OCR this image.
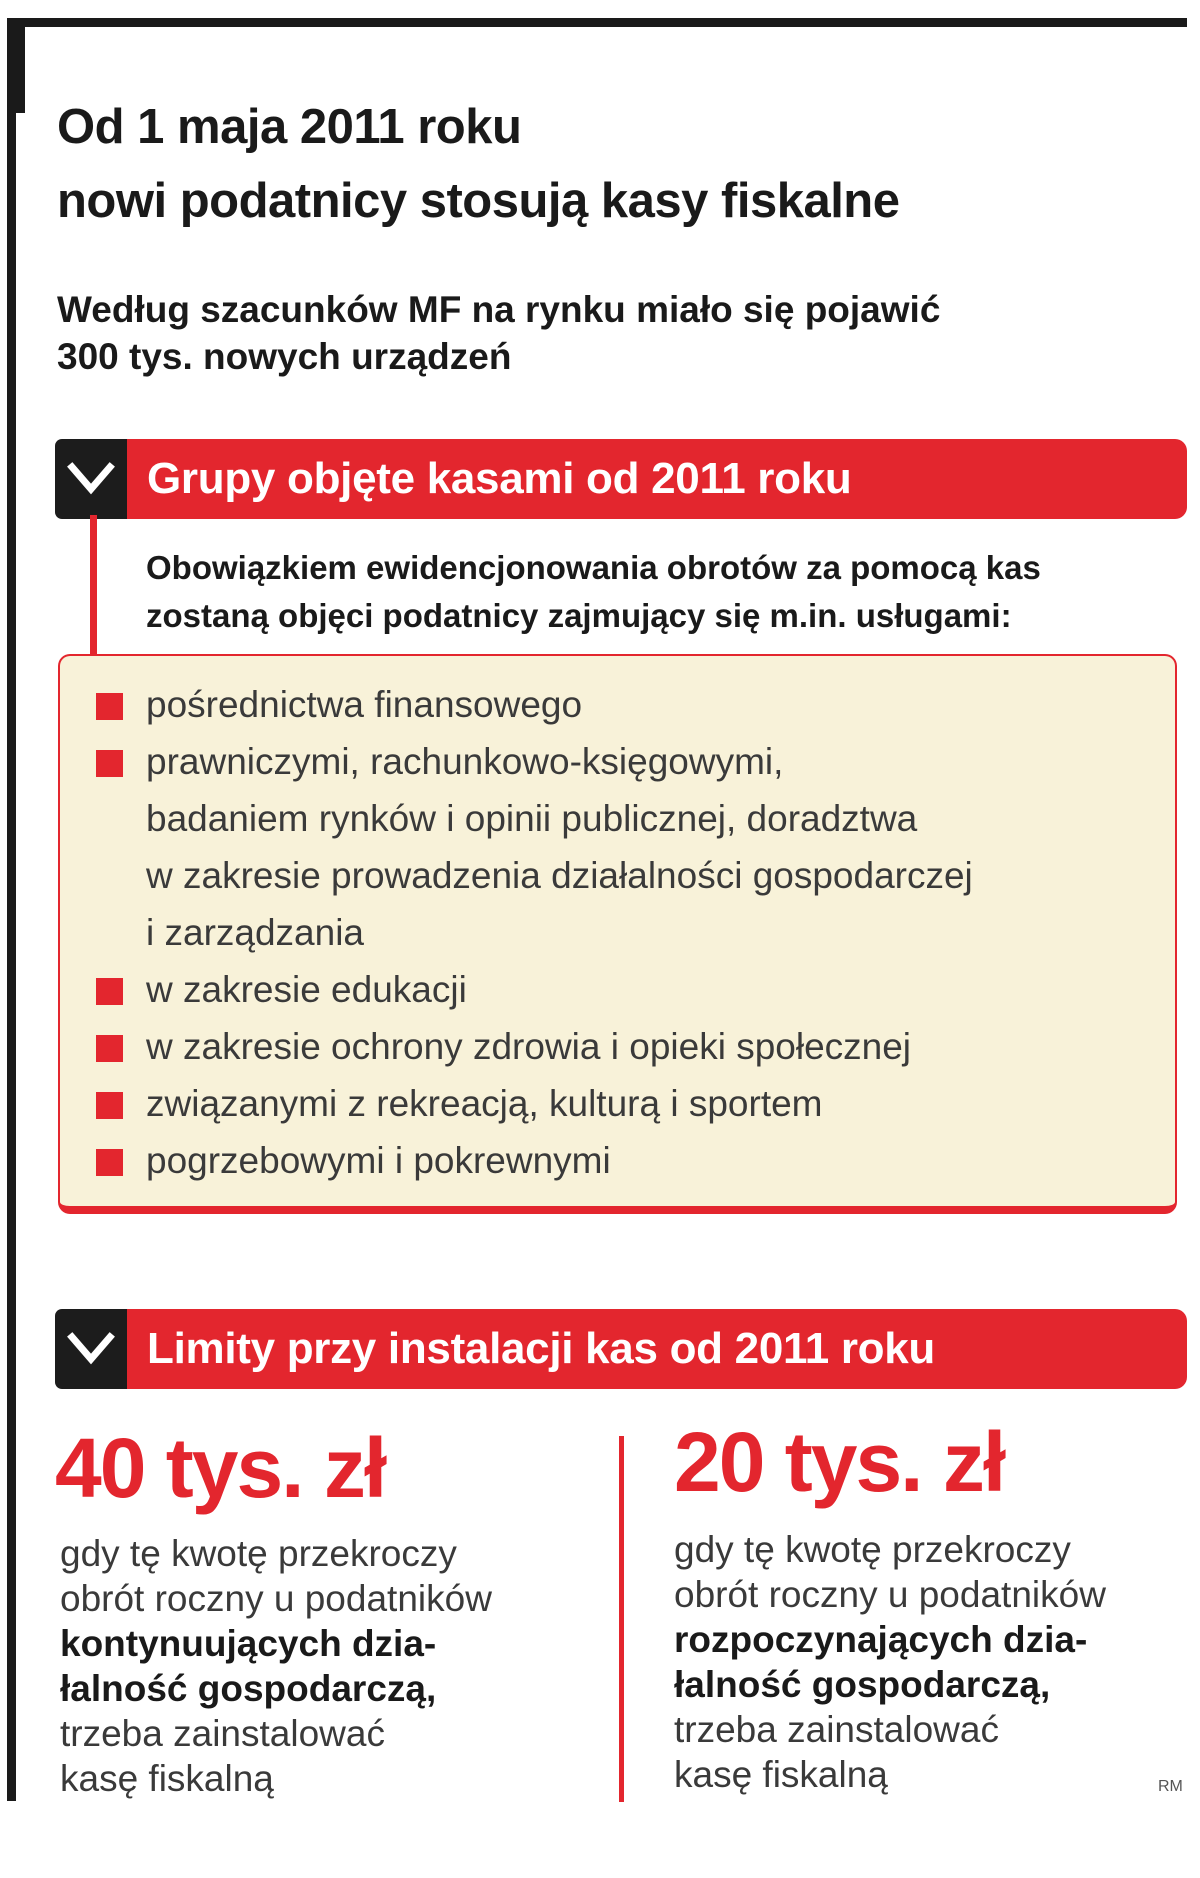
Od 1 maja 2011 roku
nowi podatnicy stosują kasy fiskalne

Według szacunków MF na rynku miało się pojawić
300 tys. nowych urządzeń

Grupy objęte kasami od 2011 roku

Obowiązkiem ewidencjonowania obrotów za pomocą kas
zostaną objęci podatnicy zajmujący się m.in. usługami:

pośrednictwa finansowego
prawniczymi, rachunkowo-księgowymi,
badaniem rynków i opinii publicznej, doradztwa
w zakresie prowadzenia działalności gospodarczej
i zarządzania
w zakresie edukacji
w zakresie ochrony zdrowia i opieki społecznej
związanymi z rekreacją, kulturą i sportem
pogrzebowymi i pokrewnymi
Limity przy instalacji kas od 2011 roku
40 tys. zł

gdy tę kwotę przekroczy
obrót roczny u podatników
kontynuujących dzia-
łalność gospodarczą,
trzeba zainstalować
kasę fiskalną

20 tys. zł

gdy tę kwotę przekroczy
obrót roczny u podatników
rozpoczynających dzia-
łalność gospodarczą,
trzeba zainstalować
kasę fiskalną	RM
